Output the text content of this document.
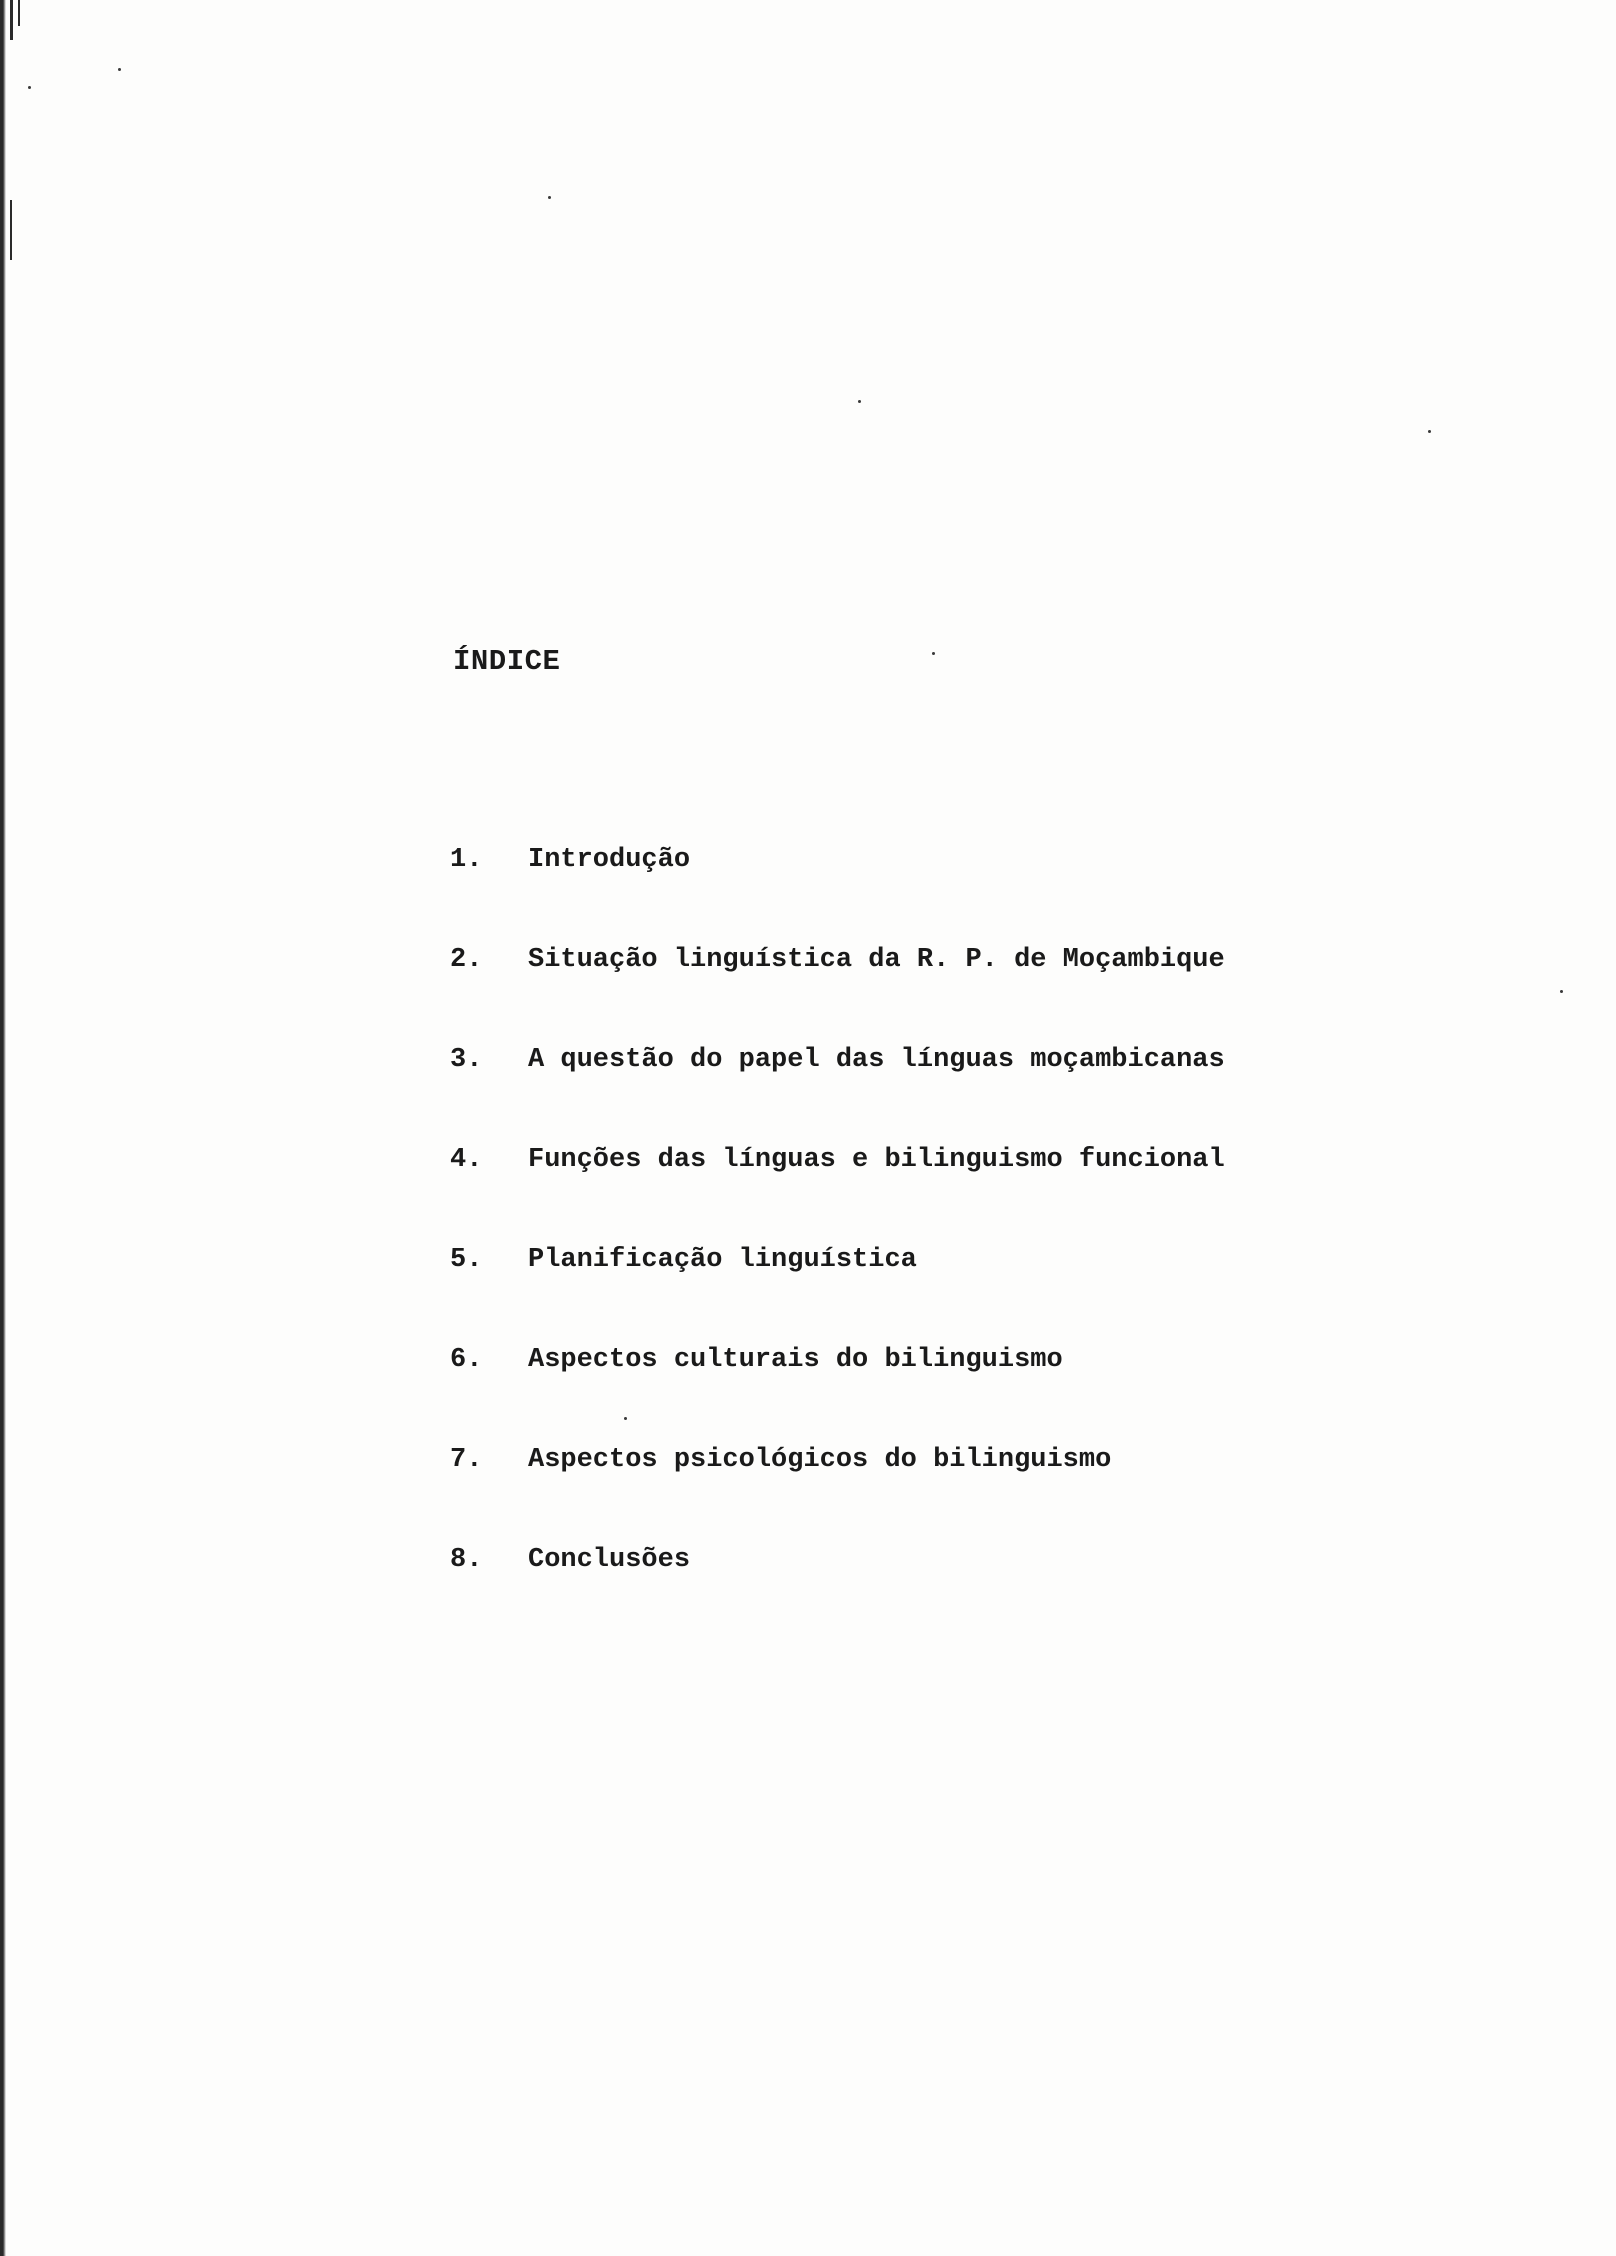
ÍNDICE
1. Introdução
2. Situação linguística da R. P. de Moçambique
3. A questão do papel das línguas moçambicanas
4. Funções das línguas e bilinguismo funcional
5. Planificação linguística
6. Aspectos culturais do bilinguismo
7. Aspectos psicológicos do bilinguismo
8. Conclusões
